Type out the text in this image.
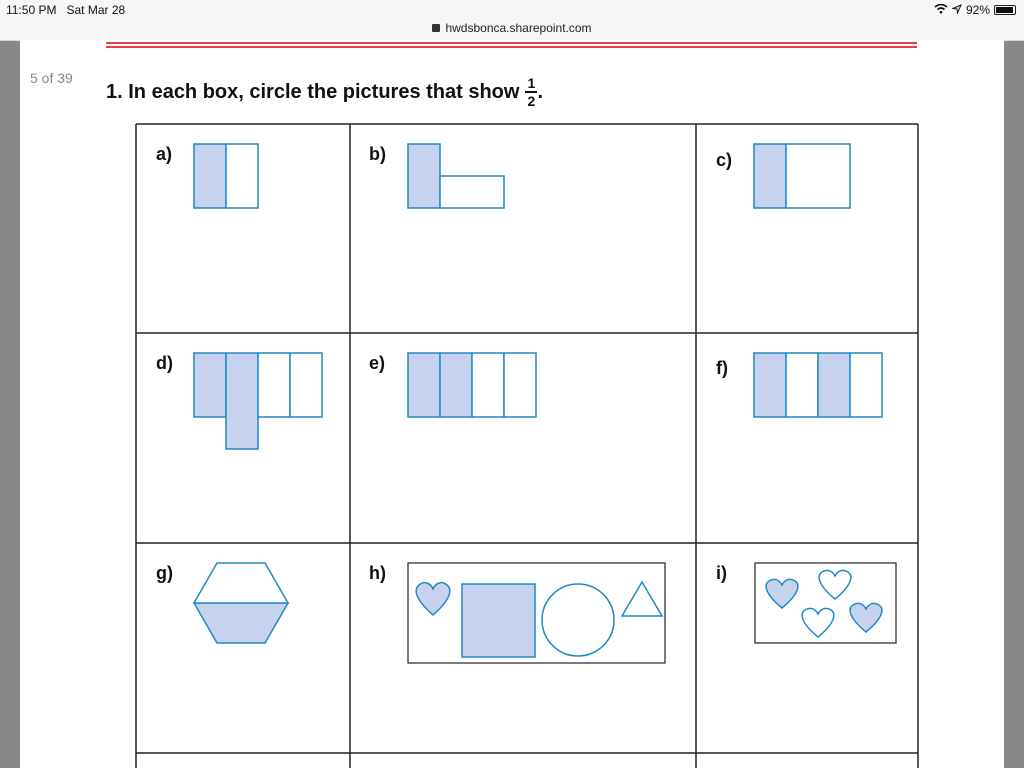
11:50 PM Sat Mar 28	92%
hwdsbonca.sharepoint.com
5 of 39
1. In each box, circle the pictures that show $\frac{1}{2}$ .
a)	b)	c)
d)	e)	f)
g)	h)	i)
